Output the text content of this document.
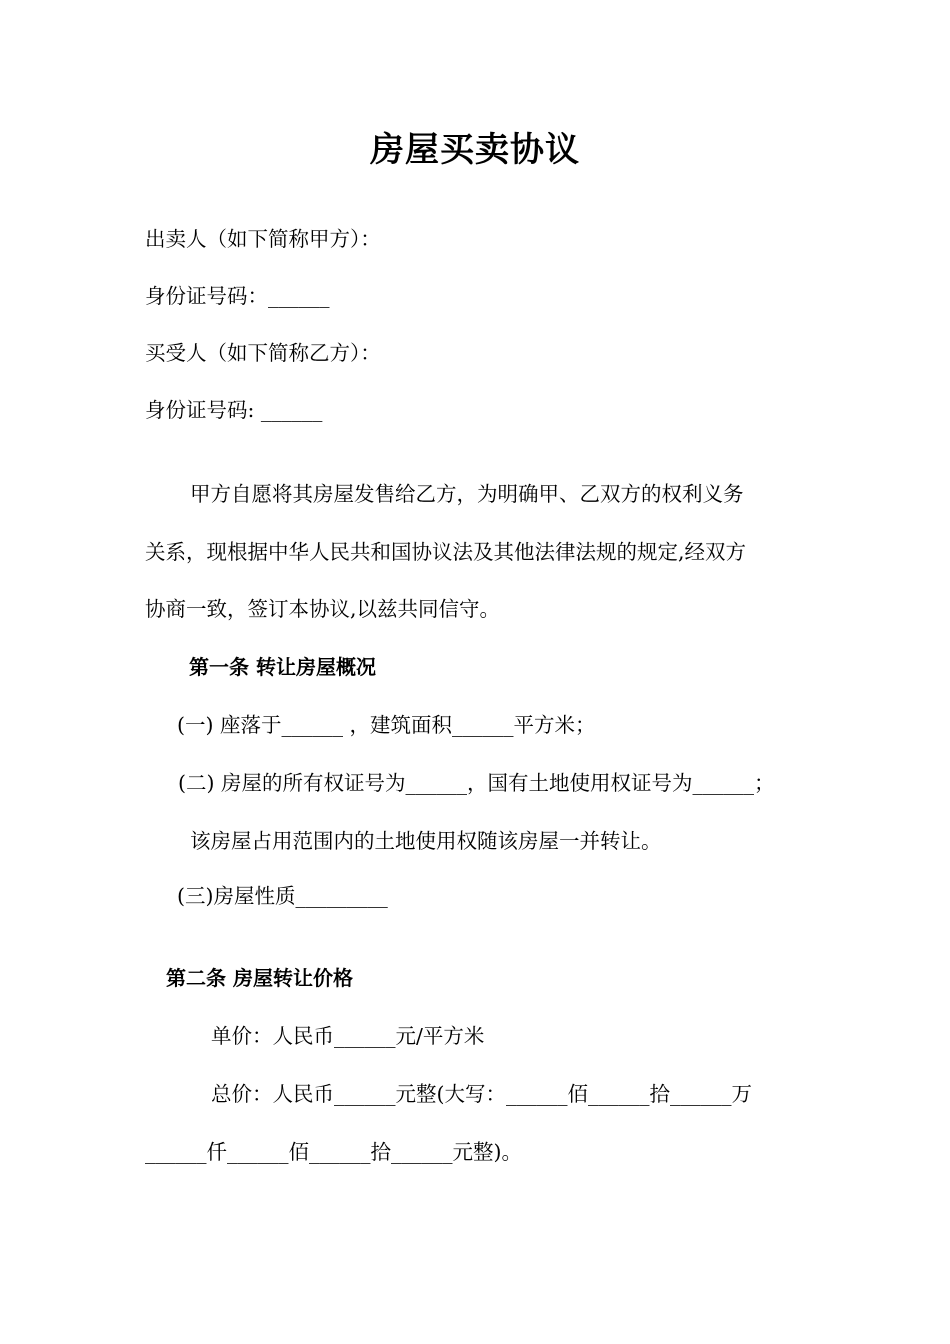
房屋买卖协议
出卖人（如下简称甲方）：
身份证号码：______
买受人（如下简称乙方）：
身份证号码: ______
甲方自愿将其房屋发售给乙方，为明确甲、乙双方的权利义务
关系，现根据中华人民共和国协议法及其他法律法规的规定,经双方
协商一致，签订本协议,以兹共同信守。
第一条 转让房屋概况
(一) 座落于______ ，建筑面积______平方米；
(二) 房屋的所有权证号为______，国有土地使用权证号为______；
该房屋占用范围内的土地使用权随该房屋一并转让。
(三)房屋性质_________
第二条 房屋转让价格
单价：人民币______元/平方米
总价：人民币______元整(大写：______佰______拾______万
______仟______佰______拾______元整)。
